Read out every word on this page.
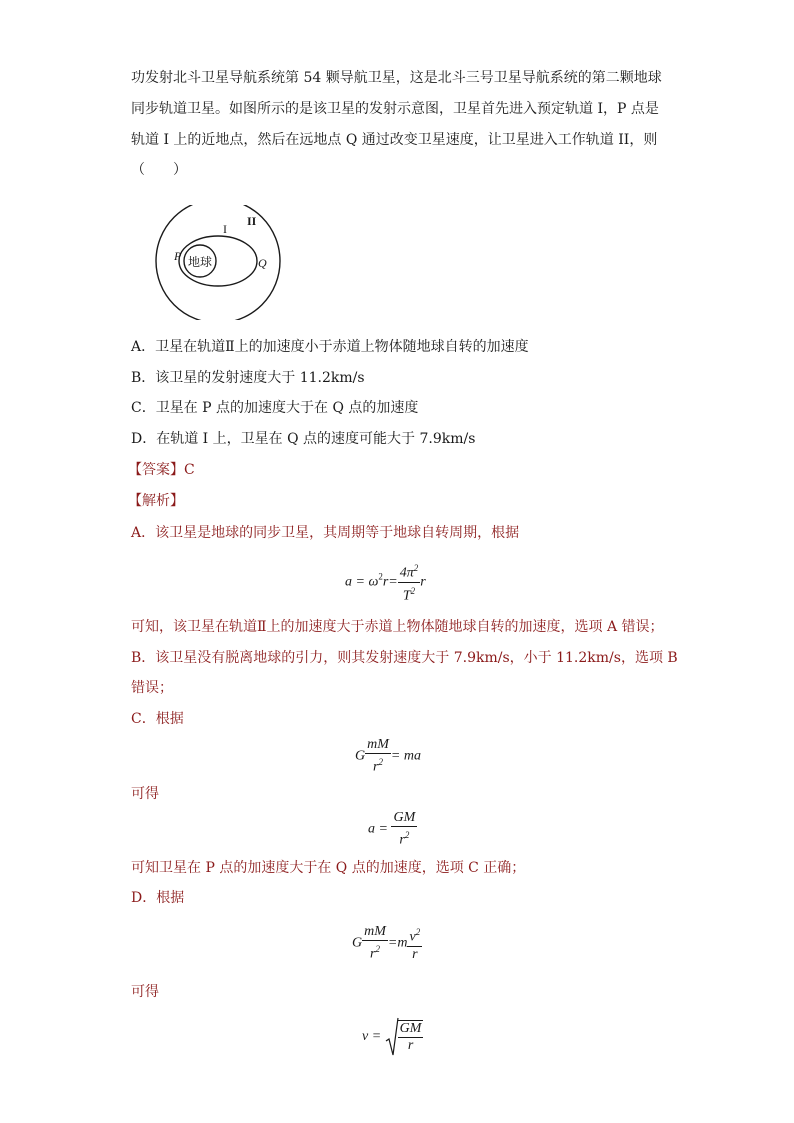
功发射北斗卫星导航系统第 54 颗导航卫星，这是北斗三号卫星导航系统的第二颗地球
同步轨道卫星。如图所示的是该卫星的发射示意图，卫星首先进入预定轨道 I，P 点是
轨道 I 上的近地点，然后在远地点 Q 通过改变卫星速度，让卫星进入工作轨道 II，则
（　　）
地球
P	Q
I
II
A．卫星在轨道Ⅱ上的加速度小于赤道上物体随地球自转的加速度
B．该卫星的发射速度大于 11.2km/s
C．卫星在 P 点的加速度大于在 Q 点的加速度
D．在轨道 I 上，卫星在 Q 点的速度可能大于 7.9km/s
【答案】C
【解析】
A．该卫星是地球的同步卫星，其周期等于地球自转周期，根据
$a = \omega^2r= \frac{4\pi^2}{T^2}$ r
可知，该卫星在轨道Ⅱ上的加速度大于赤道上物体随地球自转的加速度，选项 A 错误；
B．该卫星没有脱离地球的引力，则其发射速度大于 7.9km/s，小于 11.2km/s，选项 B
错误；
C．根据
G $\frac{mM}{r^2}$ = ma
可得
$a = \frac{GM}{r^2}$
可知卫星在 P 点的加速度大于在 Q 点的加速度，选项 C 正确；
D．根据
G $\frac{mM}{r^2} =m \frac{v^2}{r}$
可得
$v = \frac{GM}{r}$
